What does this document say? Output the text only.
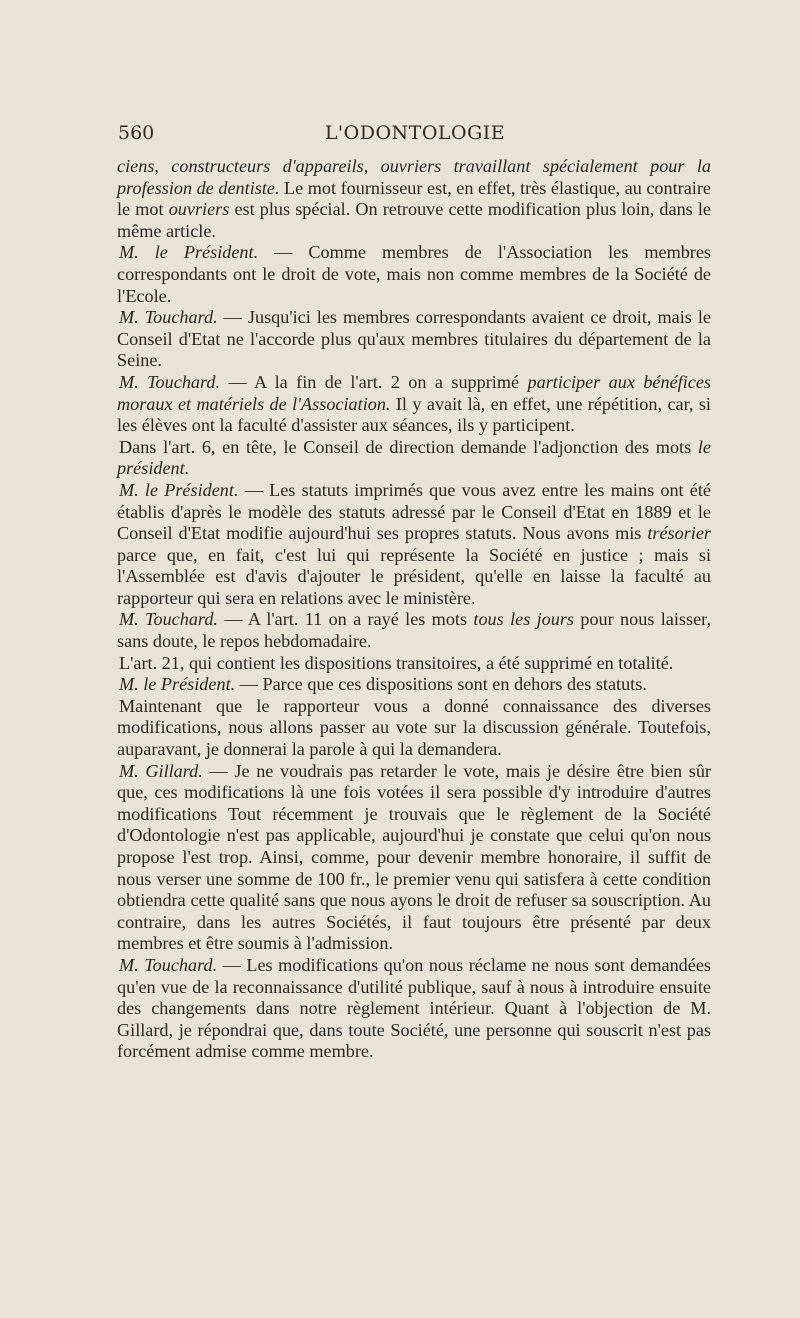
560	L'ODONTOLOGIE

ciens, constructeurs d'appareils, ouvriers travaillant spécialement pour la profession de dentiste. Le mot fournisseur est, en effet, très élastique, au contraire le mot ouvriers est plus spécial. On retrouve cette modification plus loin, dans le même article.

M. le Président. — Comme membres de l'Association les membres correspondants ont le droit de vote, mais non comme membres de la Société de l'Ecole.

M. Touchard. — Jusqu'ici les membres correspondants avaient ce droit, mais le Conseil d'Etat ne l'accorde plus qu'aux membres titulaires du département de la Seine.

M. Touchard. — A la fin de l'art. 2 on a supprimé participer aux bénéfices moraux et matériels de l'Association. Il y avait là, en effet, une répétition, car, si les élèves ont la faculté d'assister aux séances, ils y participent.

Dans l'art. 6, en tête, le Conseil de direction demande l'adjonction des mots le président.

M. le Président. — Les statuts imprimés que vous avez entre les mains ont été établis d'après le modèle des statuts adressé par le Conseil d'Etat en 1889 et le Conseil d'Etat modifie aujourd'hui ses propres statuts. Nous avons mis trésorier parce que, en fait, c'est lui qui représente la Société en justice ; mais si l'Assemblée est d'avis d'ajouter le président, qu'elle en laisse la faculté au rapporteur qui sera en relations avec le ministère.

M. Touchard. — A l'art. 11 on a rayé les mots tous les jours pour nous laisser, sans doute, le repos hebdomadaire.

L'art. 21, qui contient les dispositions transitoires, a été supprimé en totalité.

M. le Président. — Parce que ces dispositions sont en dehors des statuts.

Maintenant que le rapporteur vous a donné connaissance des diverses modifications, nous allons passer au vote sur la discussion générale. Toutefois, auparavant, je donnerai la parole à qui la demandera.

M. Gillard. — Je ne voudrais pas retarder le vote, mais je désire être bien sûr que, ces modifications là une fois votées il sera possible d'y introduire d'autres modifications Tout récemment je trouvais que le règlement de la Société d'Odontologie n'est pas applicable, aujourd'hui je constate que celui qu'on nous propose l'est trop. Ainsi, comme, pour devenir membre honoraire, il suffit de nous verser une somme de 100 fr., le premier venu qui satisfera à cette condition obtiendra cette qualité sans que nous ayons le droit de refuser sa souscription. Au contraire, dans les autres Sociétés, il faut toujours être présenté par deux membres et être soumis à l'admission.

M. Touchard. — Les modifications qu'on nous réclame ne nous sont demandées qu'en vue de la reconnaissance d'utilité publique, sauf à nous à introduire ensuite des changements dans notre règlement intérieur. Quant à l'objection de M. Gillard, je répondrai que, dans toute Société, une personne qui souscrit n'est pas forcément admise comme membre.
